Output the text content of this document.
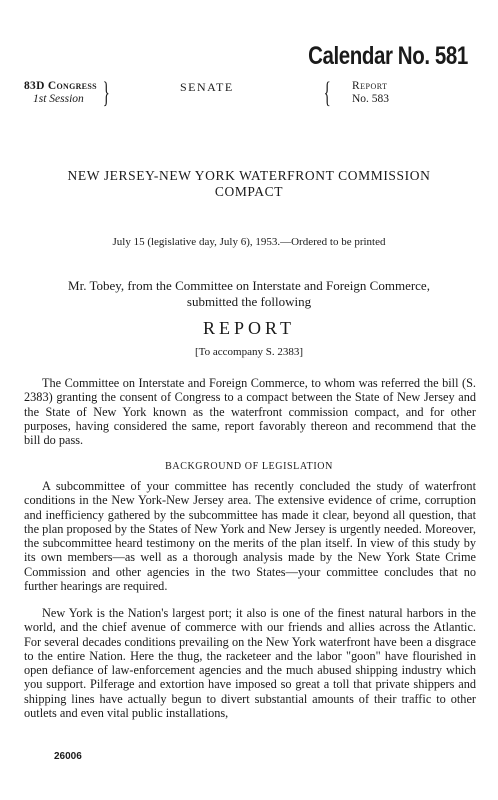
Calendar No. 581
83D Congress
1st Session }	SENATE	{ Report
No. 583
NEW JERSEY-NEW YORK WATERFRONT COMMISSION
COMPACT
July 15 (legislative day, July 6), 1953.—Ordered to be printed
Mr. Tobey, from the Committee on Interstate and Foreign Commerce,
submitted the following
REPORT
[To accompany S. 2383]
The Committee on Interstate and Foreign Commerce, to whom was referred the bill (S. 2383) granting the consent of Congress to a compact between the State of New Jersey and the State of New York known as the waterfront commission compact, and for other purposes, having considered the same, report favorably thereon and recommend that the bill do pass.
BACKGROUND OF LEGISLATION
A subcommittee of your committee has recently concluded the study of waterfront conditions in the New York-New Jersey area. The extensive evidence of crime, corruption and inefficiency gathered by the subcommittee has made it clear, beyond all question, that the plan proposed by the States of New York and New Jersey is urgently needed. Moreover, the subcommittee heard testimony on the merits of the plan itself. In view of this study by its own members—as well as a thorough analysis made by the New York State Crime Commission and other agencies in the two States—your committee concludes that no further hearings are required.
New York is the Nation's largest port; it also is one of the finest natural harbors in the world, and the chief avenue of commerce with our friends and allies across the Atlantic. For several decades conditions prevailing on the New York waterfront have been a disgrace to the entire Nation. Here the thug, the racketeer and the labor "goon" have flourished in open defiance of law-enforcement agencies and the much abused shipping industry which you support. Pilferage and extortion have imposed so great a toll that private shippers and shipping lines have actually begun to divert substantial amounts of their traffic to other outlets and even vital public installations,
26006
